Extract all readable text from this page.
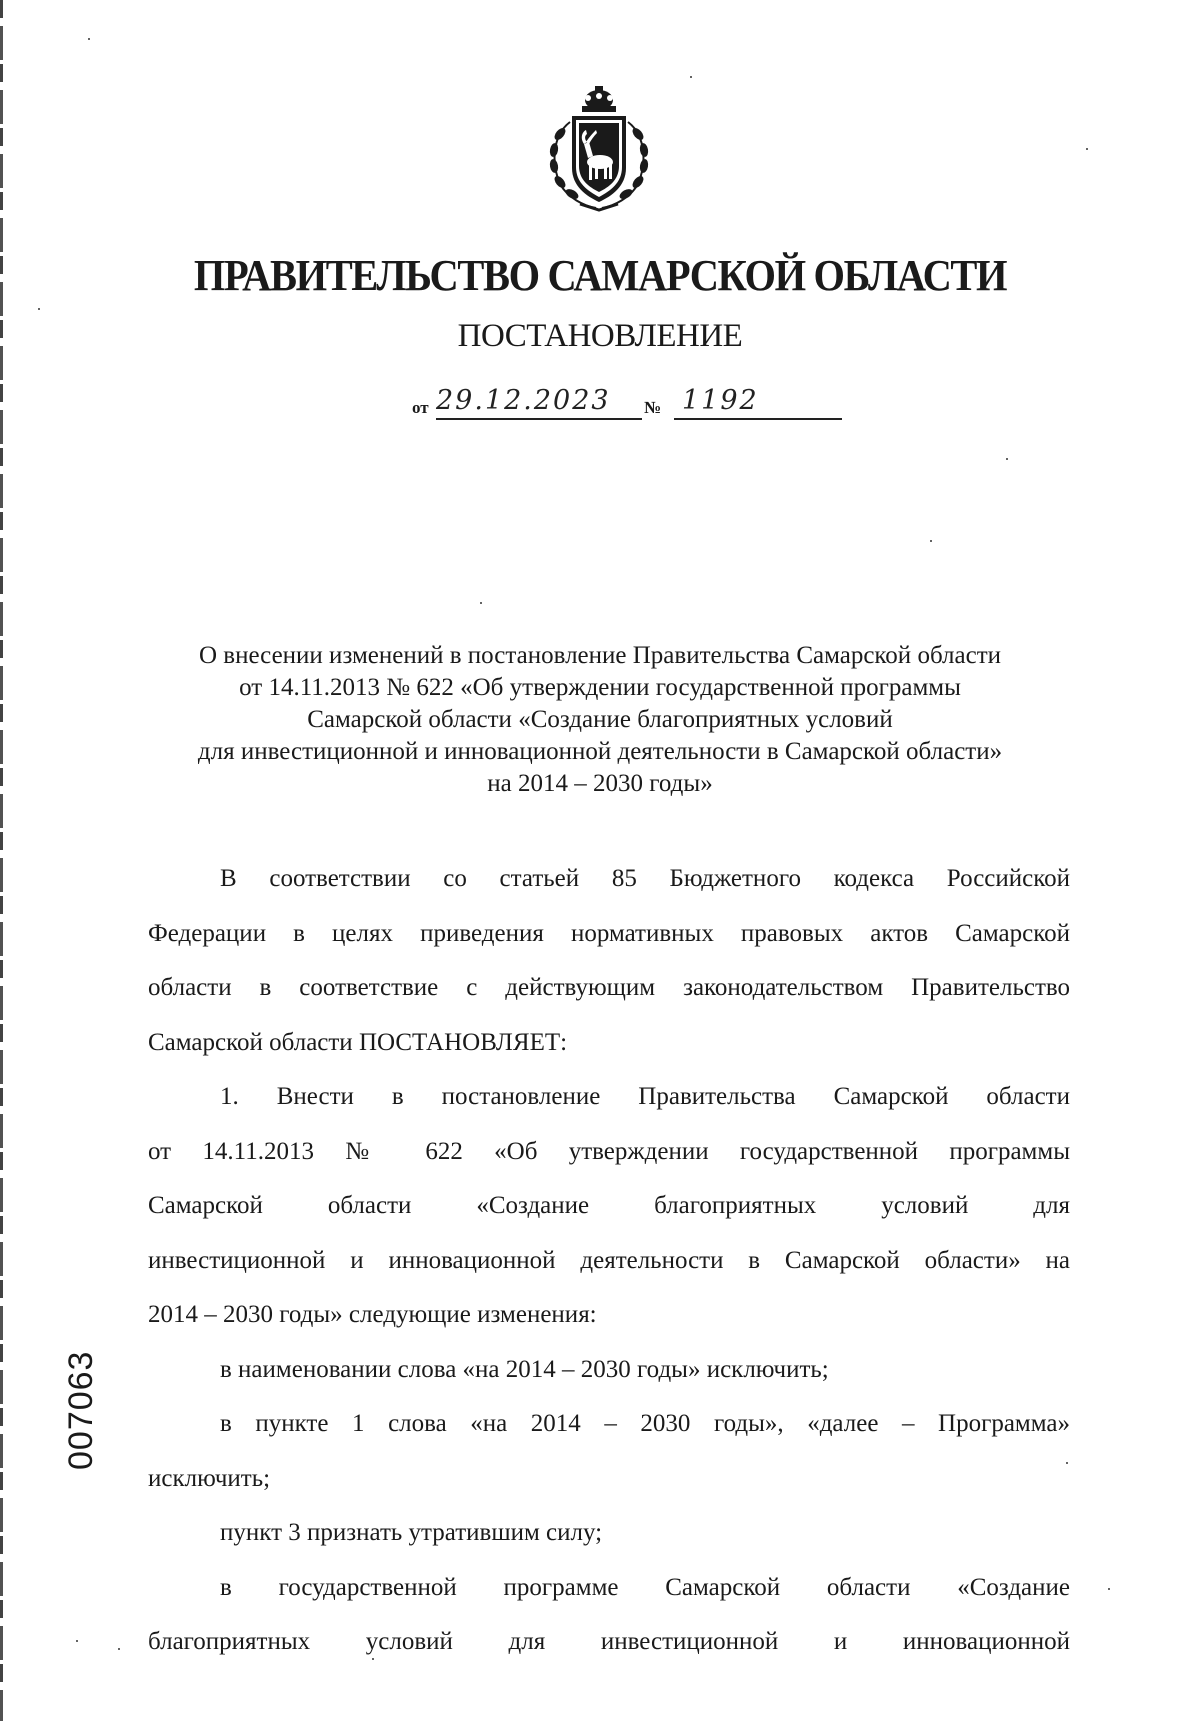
ПРАВИТЕЛЬСТВО САМАРСКОЙ ОБЛАСТИ
ПОСТАНОВЛЕНИЕ
от 29.12.2023	№ 1192
О внесении изменений в постановление Правительства Самарской области
от 14.11.2013 № 622 «Об утверждении государственной программы
Самарской области «Создание благоприятных условий
для инвестиционной и инновационной деятельности в Самарской области»
на 2014 – 2030 годы»
В соответствии со статьей 85 Бюджетного кодекса Российской
Федерации в целях приведения нормативных правовых актов Самарской
области в соответствие с действующим законодательством Правительство
Самарской области ПОСТАНОВЛЯЕТ:
1. Внести в постановление Правительства Самарской области
от 14.11.2013 № 622 «Об утверждении государственной программы
Самарской области «Создание благоприятных условий для
инвестиционной и инновационной деятельности в Самарской области» на
2014 – 2030 годы» следующие изменения:
в наименовании слова «на 2014 – 2030 годы» исключить;
в пункте 1 слова «на 2014 – 2030 годы», «далее – Программа»
исключить;
пункт 3 признать утратившим силу;
в государственной программе Самарской области «Создание
благоприятных условий для инвестиционной и инновационной
007063
